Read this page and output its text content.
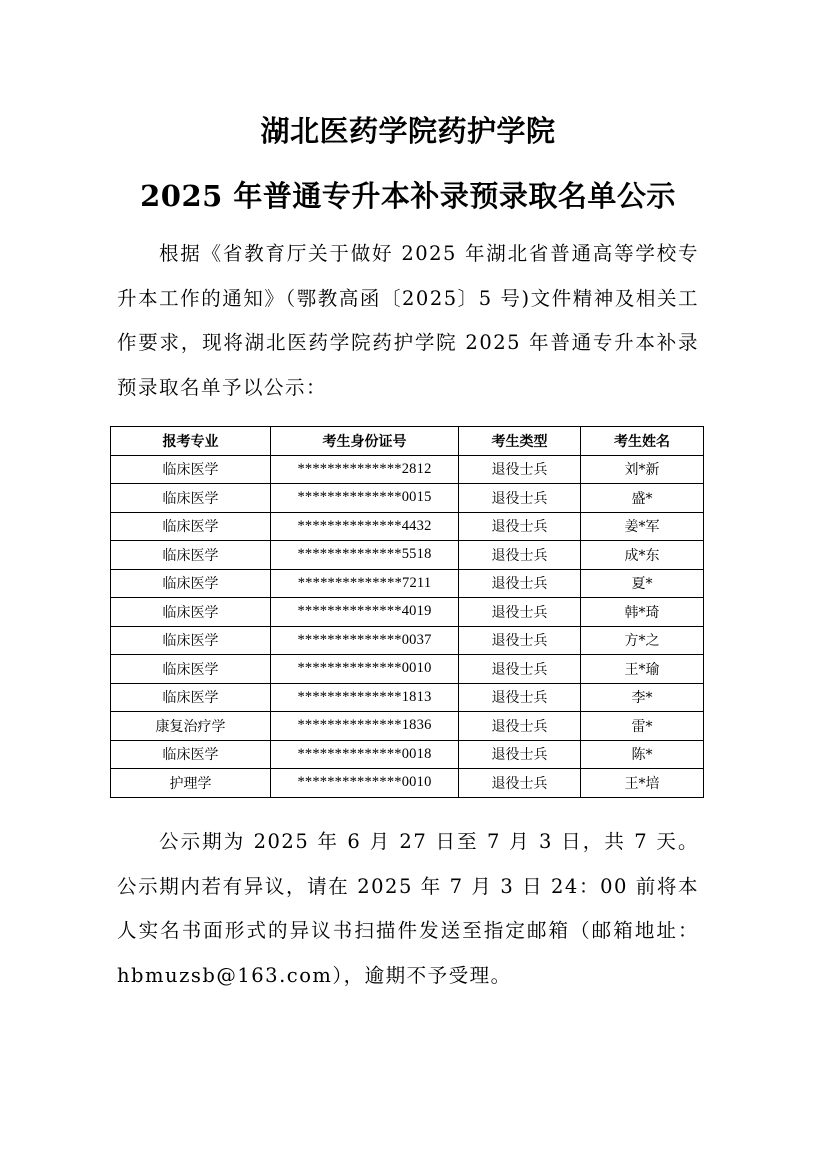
湖北医药学院药护学院
2025 年普通专升本补录预录取名单公示

根据《省教育厅关于做好 2025 年湖北省普通高等学校专升本工作的通知》（鄂教高函〔2025〕5 号)文件精神及相关工作要求，现将湖北医药学院药护学院 2025 年普通专升本补录预录取名单予以公示：

报考专业	考生身份证号	考生类型	考生姓名
临床医学	**************2812	退役士兵	刘*新
临床医学	**************0015	退役士兵	盛*
临床医学	**************4432	退役士兵	姜*军
临床医学	**************5518	退役士兵	成*东
临床医学	**************7211	退役士兵	夏*
临床医学	**************4019	退役士兵	韩*琦
临床医学	**************0037	退役士兵	方*之
临床医学	**************0010	退役士兵	王*瑜
临床医学	**************1813	退役士兵	李*
康复治疗学	**************1836	退役士兵	雷*
临床医学	**************0018	退役士兵	陈*
护理学	**************0010	退役士兵	王*培

公示期为 2025 年 6 月 27 日至 7 月 3 日，共 7 天。公示期内若有异议，请在 2025 年 7 月 3 日 24：00 前将本人实名书面形式的异议书扫描件发送至指定邮箱（邮箱地址：hbmuzsb@163.com），逾期不予受理。
